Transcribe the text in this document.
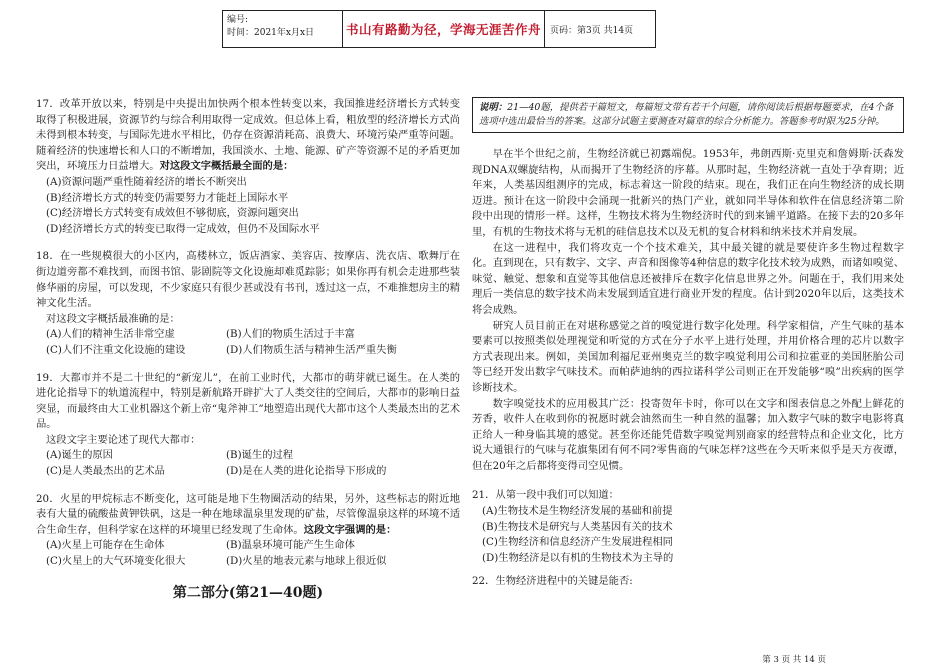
编号:
时间：2021年x月x日	书山有路勤为径，学海无涯苦作舟	页码：第3页 共14页

17．改革开放以来，特别是中央提出加快两个根本性转变以来，我国推进经济增长方式转变取得了积极进展，资源节约与综合利用取得一定成效。但总体上看，粗放型的经济增长方式尚未得到根本转变，与国际先进水平相比，仍存在资源消耗高、浪费大、环境污染严重等问题。随着经济的快速增长和人口的不断增加，我国淡水、土地、能源、矿产等资源不足的矛盾更加突出，环境压力日益增大。对这段文字概括最全面的是：

(A)资源问题严重性随着经济的增长不断突出
(B)经济增长方式的转变仍需要努力才能赶上国际水平
(C)经济增长方式转变有成效但不够彻底，资源问题突出
(D)经济增长方式的转变已取得一定成效，但仍不及国际水平

18．在一些规模很大的小区内，高楼林立，饭店酒家、美容店、按摩店、洗衣店、歌舞厅在街边道旁都不难找到，而图书馆、影剧院等文化设施却难觅踪影；如果你再有机会走进那些装修华丽的房屋，可以发现，不少家庭只有很少甚或没有书刊，透过这一点，不难推想房主的精神文化生活。

对这段文字概括最准确的是：
(A)人们的精神生活非常空虚	(B)人们的物质生活过于丰富
(C)人们不注重文化设施的建设	(D)人们物质生活与精神生活严重失衡

19．大都市并不是二十世纪的“新宠儿”，在前工业时代，大都市的萌芽就已诞生。在人类的进化论指导下的轨道流程中，特别是新航路开辟扩大了人类交往的空间后，大都市的影响日益突显，而最终由大工业机器这个新上帝“鬼斧神工”地塑造出现代大都市这个人类最杰出的艺术品。

这段文字主要论述了现代大都市：
(A)诞生的原因	(B)诞生的过程
(C)是人类最杰出的艺术品	(D)是在人类的进化论指导下形成的

20．火星的甲烷标志不断变化，这可能是地下生物圈活动的结果，另外，这些标志的附近地表有大量的硫酸盐黄钾铁矾，这是一种在地球温泉里发现的矿盐，尽管像温泉这样的环境不适合生命生存，但科学家在这样的环境里已经发现了生命体。这段文字强调的是：

(A)火星上可能存在生命体	(B)温泉环境可能产生生命体
(C)火星上的大气环境变化很大	(D)火星的地表元素与地球上很近似
第二部分(第21—40题)
说明：21—40题，提供若干篇短文，每篇短文带有若干个问题，请你阅读后根据每题要求，在4个备选项中选出最恰当的答案。这部分试题主要测查对篇章的综合分析能力。答题参考时限为25分钟。

早在半个世纪之前，生物经济就已初露端倪。1953年，弗朗西斯·克里克和詹姆斯·沃森发现DNA双螺旋结构，从而揭开了生物经济的序幕。从那时起，生物经济就一直处于孕育期；近年来，人类基因组测序的完成，标志着这一阶段的结束。现在，我们正在向生物经济的成长期迈进。预计在这一阶段中会涌现一批新兴的热门产业，就如同半导体和软件在信息经济第二阶段中出现的情形一样。这样，生物技术将为生物经济时代的到来铺平道路。在接下去的20多年里，有机的生物技术将与无机的硅信息技术以及无机的复合材料和纳米技术并肩发展。

在这一进程中，我们将攻克一个个技术难关，其中最关键的就是要使许多生物过程数字化。直到现在，只有数字、文字、声音和图像等4种信息的数字化技术较为成熟，而诸如嗅觉、味觉、触觉、想象和直觉等其他信息还被排斥在数字化信息世界之外。问题在于，我们用来处理后一类信息的数字技术尚未发展到适宜进行商业开发的程度。估计到2020年以后，这类技术将会成熟。

研究人员目前正在对堪称感觉之首的嗅觉进行数字化处理。科学家相信，产生气味的基本要素可以按照类似处理视觉和听觉的方式在分子水平上进行处理，并用价格合理的芯片以数字方式表现出来。例如，美国加利福尼亚州奥克兰的数字嗅觉利用公司和拉霍亚的美国胚胎公司等已经开发出数字气味技术。而帕萨迪纳的西拉诺科学公司则正在开发能够“嗅”出疾病的医学诊断技术。

数字嗅觉技术的应用极其广泛：投寄贺年卡时，你可以在文字和图表信息之外配上鲜花的芳香，收件人在收到你的祝愿时就会油然而生一种自然的温馨；加入数字气味的数字电影将真正给人一种身临其境的感觉。甚至你还能凭借数字嗅觉判别商家的经营特点和企业文化，比方说大通银行的气味与花旗集团有何不同?零售商的气味怎样?这些在今天听来似乎是天方夜谭，但在20年之后都将变得司空见惯。

21．从第一段中我们可以知道：
(A)生物技术是生物经济发展的基础和前提
(B)生物技术是研究与人类基因有关的技术
(C)生物经济和信息经济产生发展进程相同
(D)生物经济是以有机的生物技术为主导的
22．生物经济进程中的关键是能否:
第 3 页 共 14 页
